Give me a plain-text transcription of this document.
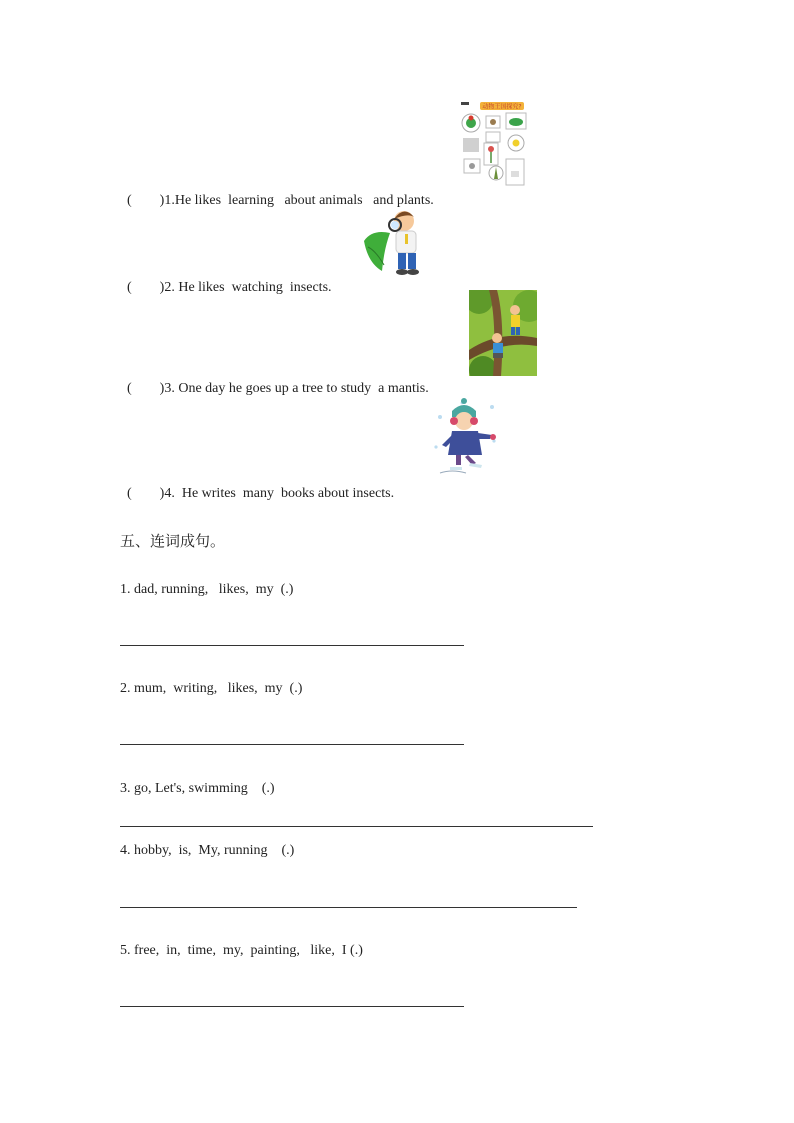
(        )1.He likes  learning   about animals   and plants.

动物王国探究?

(        )2. He likes  watching  insects.

(        )3. One day he goes up a tree to study  a mantis.

(        )4.  He writes  many  books about insects.

五、连词成句。
1. dad, running,   likes,  my  (.)
2. mum,  writing,   likes,  my  (.)
3. go, Let's, swimming    (.)
4. hobby,  is,  My, running    (.)
5. free,  in,  time,  my,  painting,   like,  I (.)
